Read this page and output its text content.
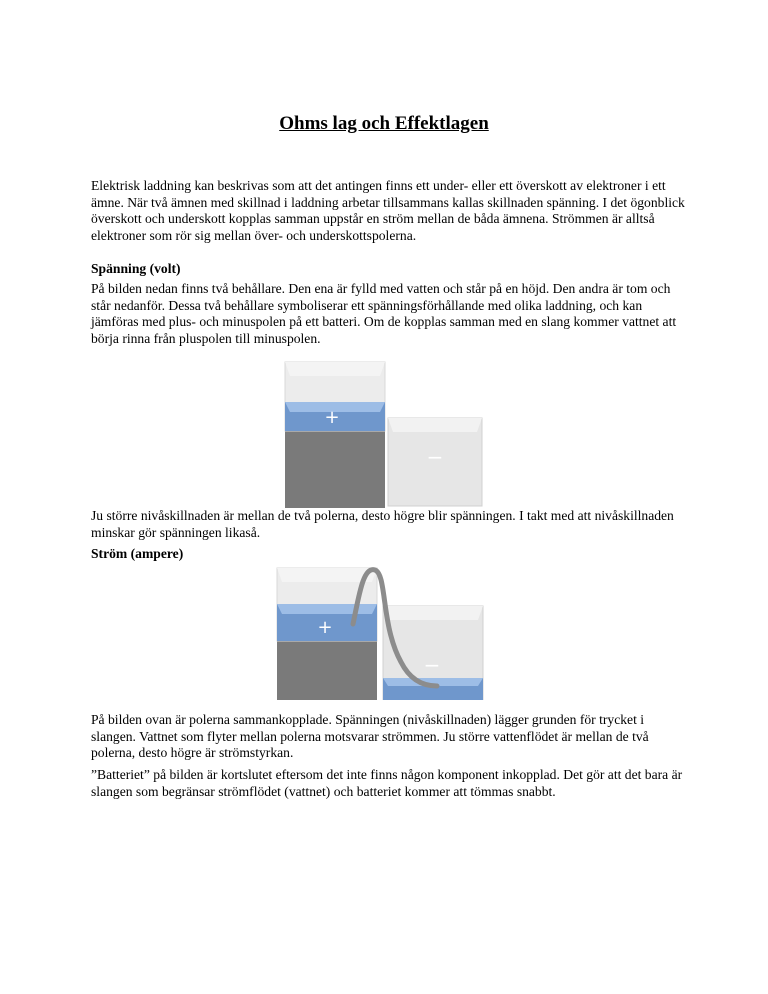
Ohms lag och Effektlagen

Elektrisk laddning kan beskrivas som att det antingen finns ett under- eller ett överskott av elektroner i ett ämne. När två ämnen med skillnad i laddning arbetar tillsammans kallas skillnaden spänning. I det ögonblick överskott och underskott kopplas samman uppstår en ström mellan de båda ämnena. Strömmen är alltså elektroner som rör sig mellan över- och underskottspolerna.

Spänning (volt)

På bilden nedan finns två behållare. Den ena är fylld med vatten och står på en höjd. Den andra är tom och står nedanför. Dessa två behållare symboliserar ett spänningsförhållande med olika laddning, och kan jämföras med plus- och minuspolen på ett batteri. Om de kopplas samman med en slang kommer vattnet att börja rinna från pluspolen till minuspolen.

+
−

Ju större nivåskillnaden är mellan de två polerna, desto högre blir spänningen. I takt med att nivåskillnaden minskar gör spänningen likaså.

Ström (ampere)

+
−

På bilden ovan är polerna sammankopplade. Spänningen (nivåskillnaden) lägger grunden för trycket i slangen. Vattnet som flyter mellan polerna motsvarar strömmen. Ju större vattenflödet är mellan de två polerna, desto högre är strömstyrkan.

”Batteriet” på bilden är kortslutet eftersom det inte finns någon komponent inkopplad. Det gör att det bara är slangen som begränsar strömflödet (vattnet) och batteriet kommer att tömmas snabbt.
